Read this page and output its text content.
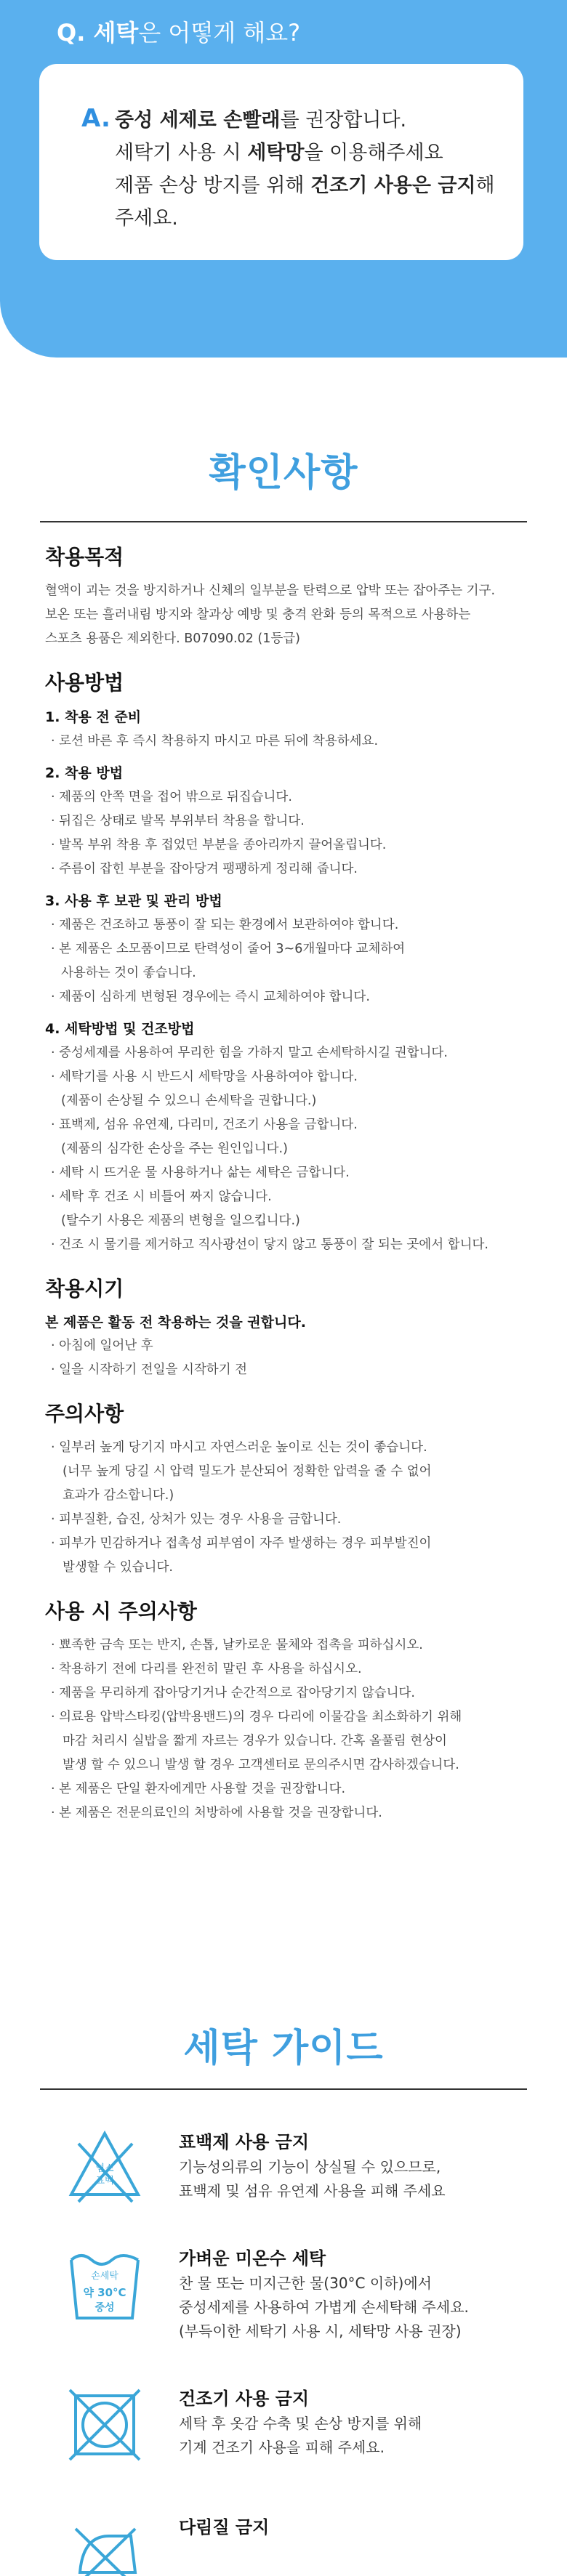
Q. 세탁은 어떻게 해요?
A. 중성 세제로 손빨래를 권장합니다.
세탁기 사용 시 세탁망을 이용해주세요
제품 손상 방지를 위해 건조기 사용은 금지해
주세요.
확인사항
착용목적
혈액이 괴는 것을 방지하거나 신체의 일부분을 탄력으로 압박 또는 잡아주는 기구.
보온 또는 흘러내림 방지와 찰과상 예방 및 충격 완화 등의 목적으로 사용하는
스포츠 용품은 제외한다. B07090.02 (1등급)
사용방법
1. 착용 전 준비
· 로션 바른 후 즉시 착용하지 마시고 마른 뒤에 착용하세요.
2. 착용 방법
· 제품의 안쪽 면을 접어 밖으로 뒤집습니다.
· 뒤집은 상태로 발목 부위부터 착용을 합니다.
· 발목 부위 착용 후 접었던 부분을 종아리까지 끌어올립니다.
· 주름이 잡힌 부분을 잡아당겨 팽팽하게 정리해 줍니다.
3. 사용 후 보관 및 관리 방법
· 제품은 건조하고 통풍이 잘 되는 환경에서 보관하여야 합니다.
· 본 제품은 소모품이므로 탄력성이 줄어 3~6개월마다 교체하여
사용하는 것이 좋습니다.
· 제품이 심하게 변형된 경우에는 즉시 교체하여야 합니다.
4. 세탁방법 및 건조방법
· 중성세제를 사용하여 무리한 힘을 가하지 말고 손세탁하시길 권합니다.
· 세탁기를 사용 시 반드시 세탁망을 사용하여야 합니다.
(제품이 손상될 수 있으니 손세탁을 권합니다.)
· 표백제, 섬유 유연제, 다리미, 건조기 사용을 금합니다.
(제품의 심각한 손상을 주는 원인입니다.)
· 세탁 시 뜨거운 물 사용하거나 삶는 세탁은 금합니다.
· 세탁 후 건조 시 비틀어 짜지 않습니다.
(탈수기 사용은 제품의 변형을 일으킵니다.)
· 건조 시 물기를 제거하고 직사광선이 닿지 않고 통풍이 잘 되는 곳에서 합니다.
착용시기
본 제품은 활동 전 착용하는 것을 권합니다.
· 아침에 일어난 후
· 일을 시작하기 전일을 시작하기 전
주의사항
· 일부러 높게 당기지 마시고 자연스러운 높이로 신는 것이 좋습니다.
(너무 높게 당길 시 압력 밀도가 분산되어 정확한 압력을 줄 수 없어
효과가 감소합니다.)
· 피부질환, 습진, 상처가 있는 경우 사용을 금합니다.
· 피부가 민감하거나 접촉성 피부염이 자주 발생하는 경우 피부발진이
발생할 수 있습니다.
사용 시 주의사항
· 뾰족한 금속 또는 반지, 손톱, 날카로운 물체와 접촉을 피하십시오.
· 착용하기 전에 다리를 완전히 말린 후 사용을 하십시오.
· 제품을 무리하게 잡아당기거나 순간적으로 잡아당기지 않습니다.
· 의료용 압박스타킹(압박용밴드)의 경우 다리에 이물감을 최소화하기 위해
마감 처리시 실밥을 짧게 자르는 경우가 있습니다. 간혹 올풀림 현상이
발생 할 수 있으니 발생 할 경우 고객센터로 문의주시면 감사하겠습니다.
· 본 제품은 단일 환자에게만 사용할 것을 권장합니다.
· 본 제품은 전문의료인의 처방하에 사용할 것을 권장합니다.
세탁 가이드
염소
표백
표백제 사용 금지
기능성의류의 기능이 상실될 수 있으므로,
표백제 및 섬유 유연제 사용을 피해 주세요
손세탁
약 30°C
중성
가벼운 미온수 세탁
찬 물 또는 미지근한 물(30°C 이하)에서
중성세제를 사용하여 가볍게 손세탁해 주세요.
(부득이한 세탁기 사용 시, 세탁망 사용 권장)
건조기 사용 금지
세탁 후 옷감 수축 및 손상 방지를 위해
기계 건조기 사용을 피해 주세요.
다림질 금지
